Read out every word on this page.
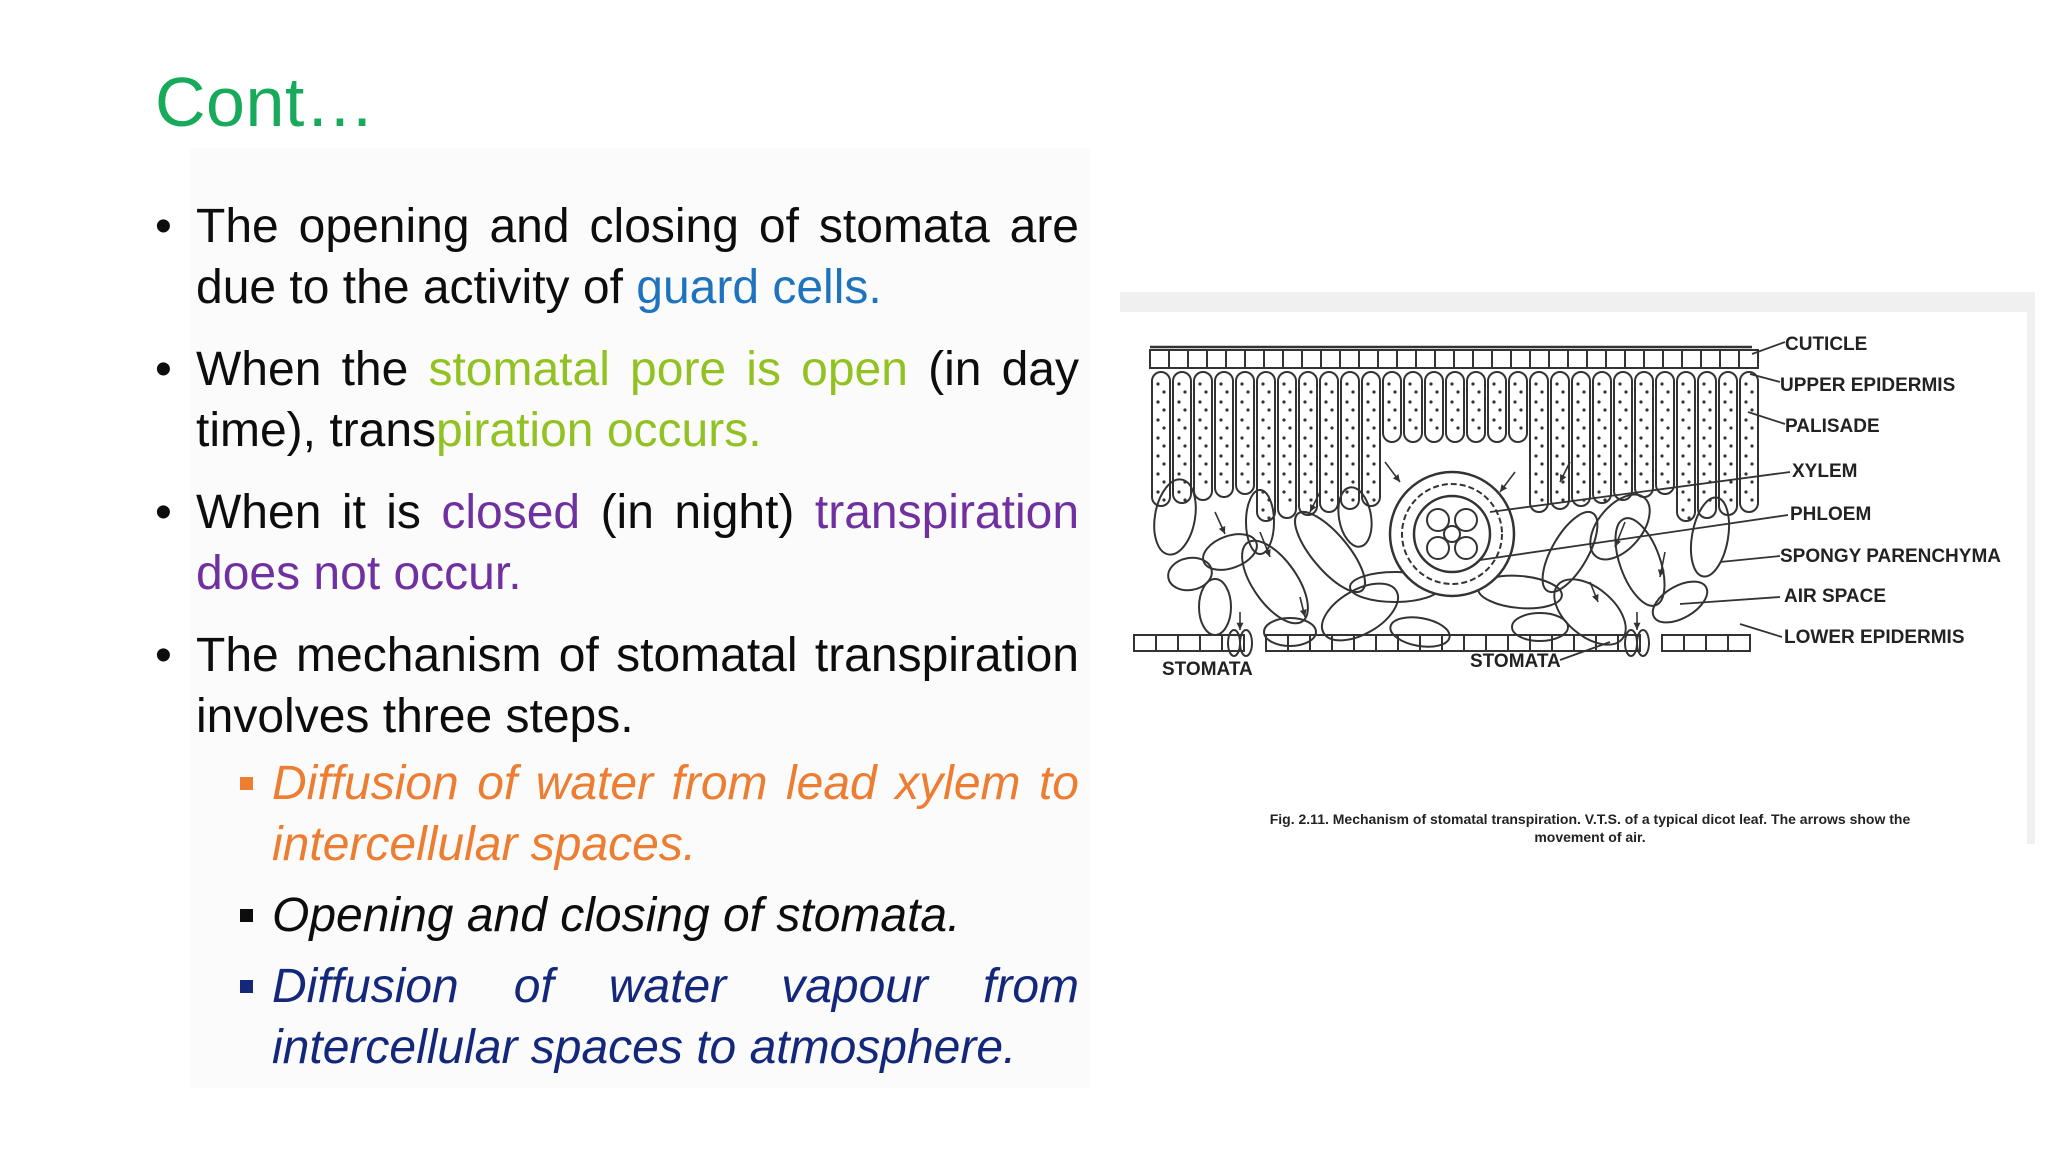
Cont…
• The opening and closing of stomata are due to the activity of guard cells.
• When the stomatal pore is open (in day time), transpiration occurs.
• When it is closed (in night) transpiration does not occur.
• The mechanism of stomatal transpiration involves three steps.
Diffusion of water from lead xylem to intercellular spaces.
Opening and closing of stomata.
Diffusion of water vapour from intercellular spaces to atmosphere.
CUTICLE
UPPER EPIDERMIS
PALISADE
XYLEM
PHLOEM
SPONGY PARENCHYMA
AIR SPACE
LOWER EPIDERMIS
STOMATA	STOMATA
Fig. 2.11. Mechanism of stomatal transpiration. V.T.S. of a typical dicot leaf. The arrows show the
movement of air.
